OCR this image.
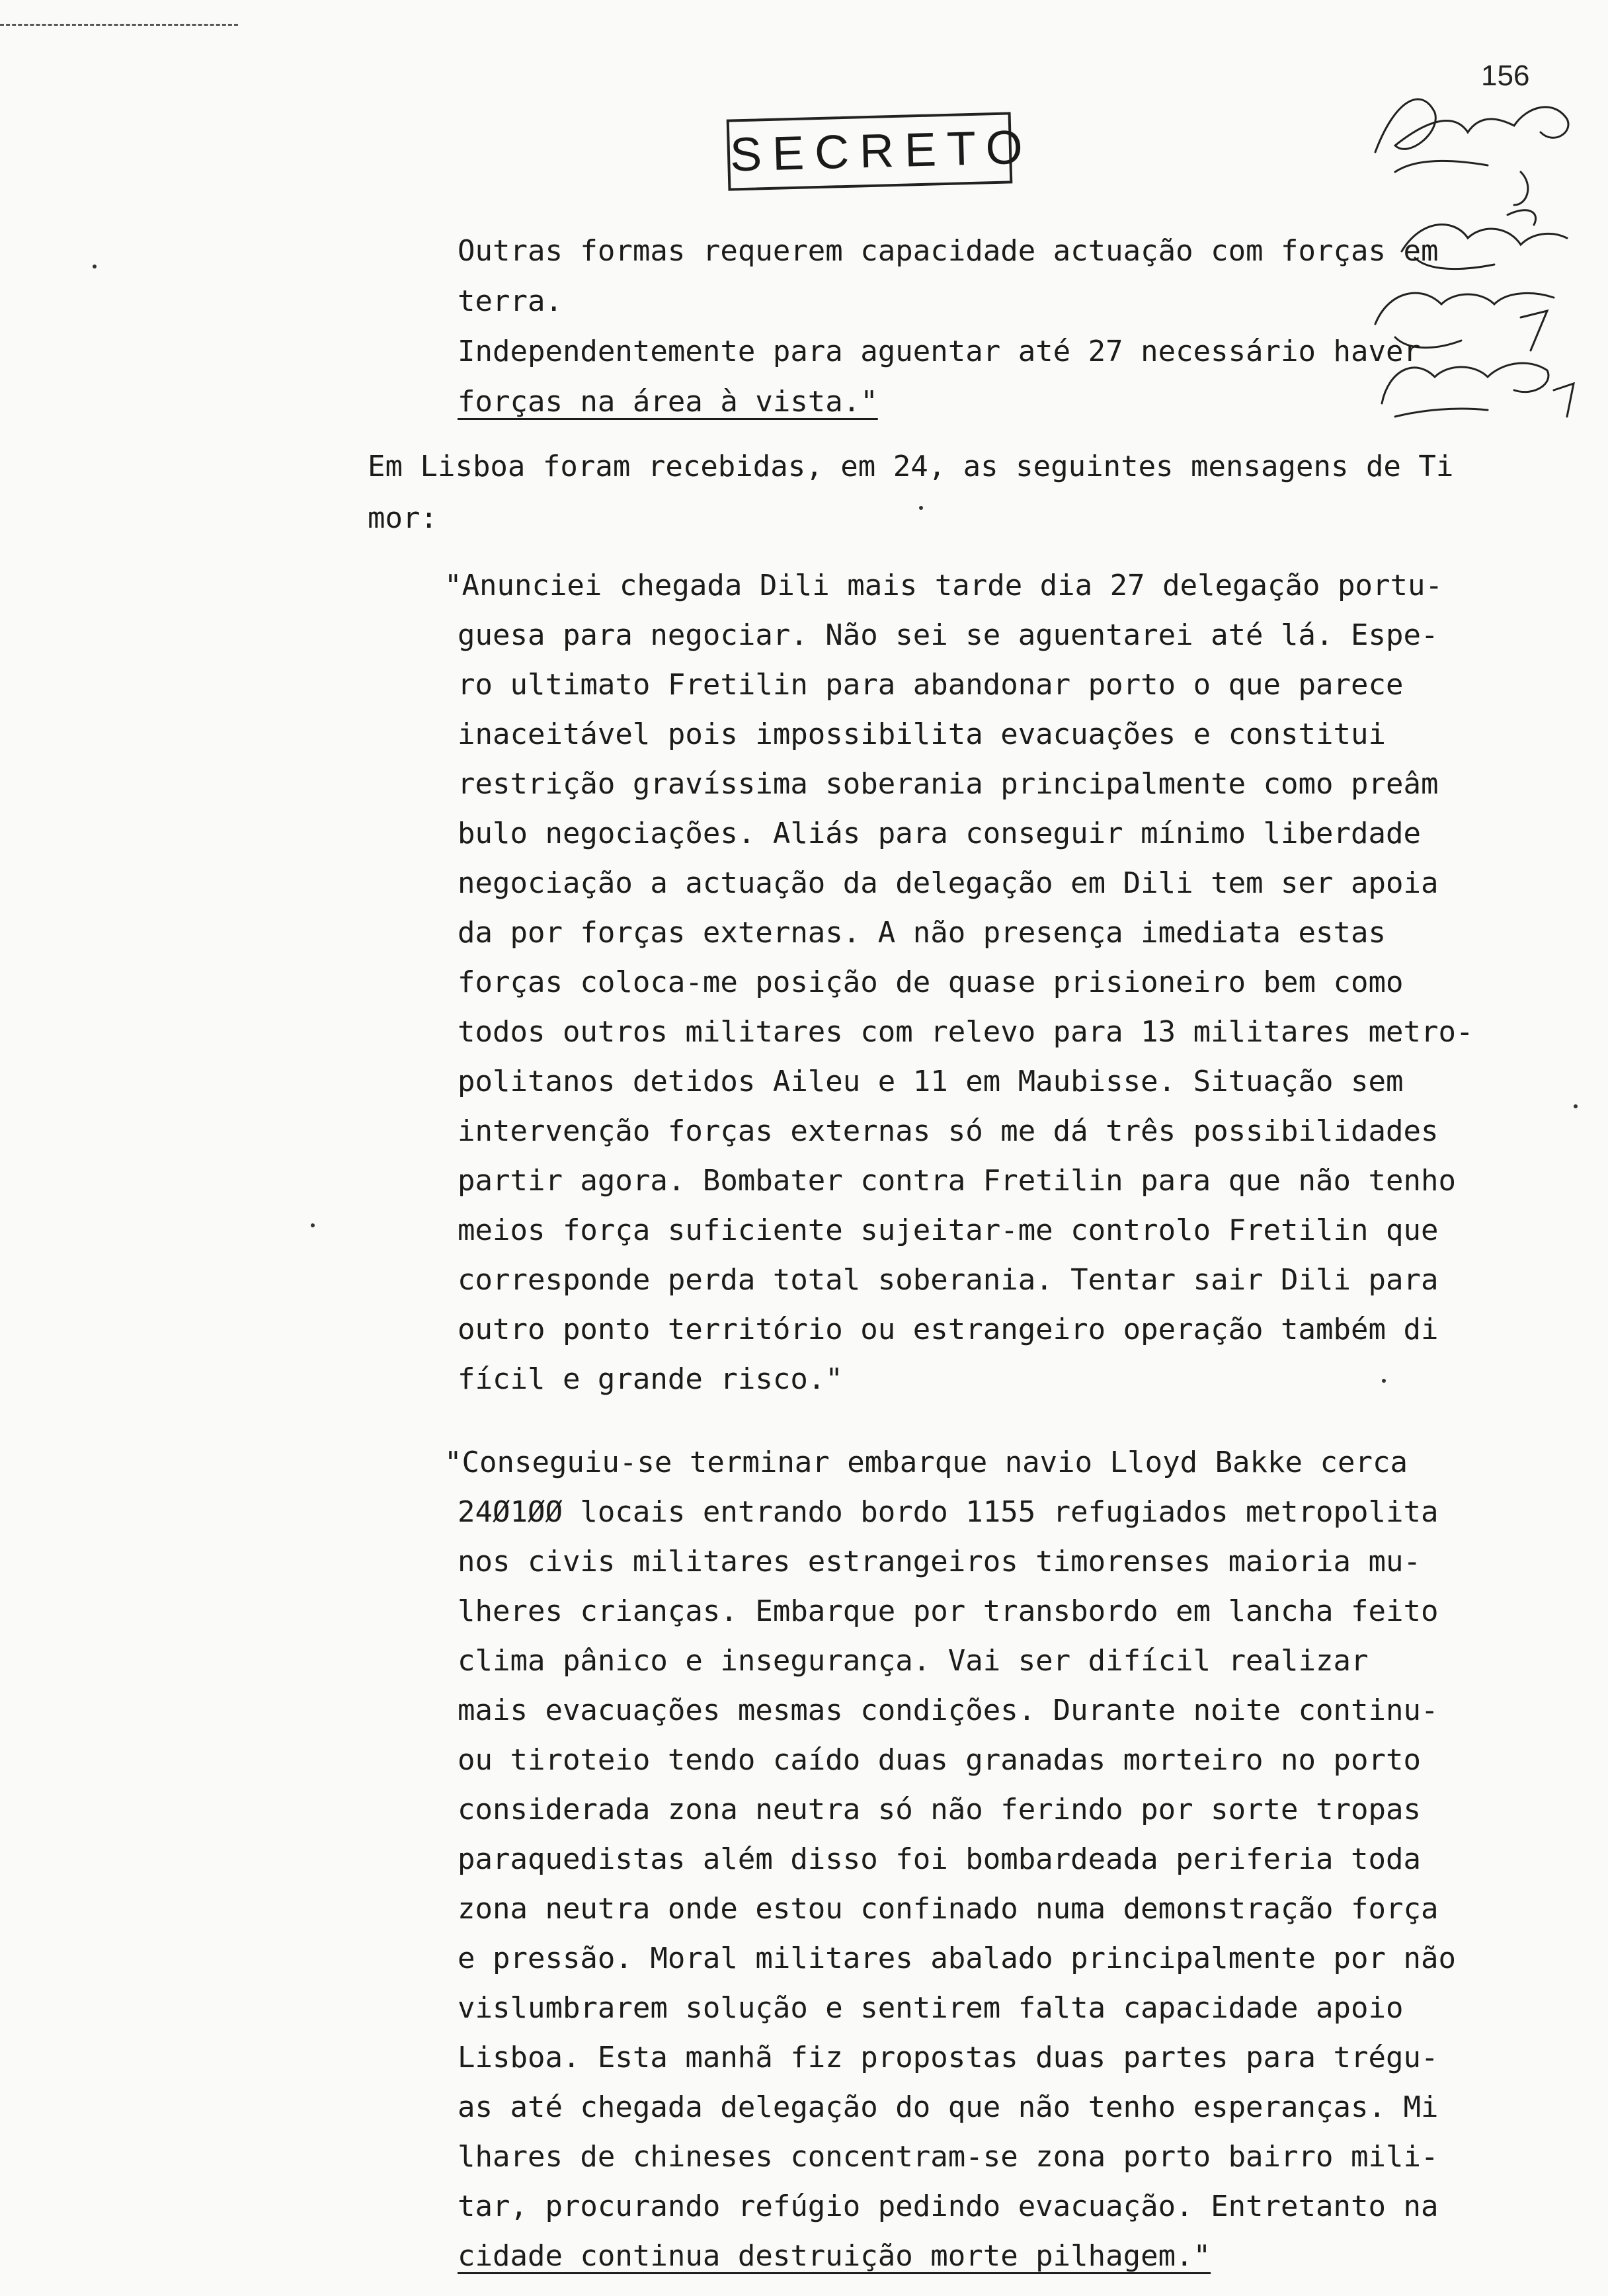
156
SECRETO
Outras formas requerem capacidade actuação com forças em
terra.
Independentemente para aguentar até 27 necessário haver
forças na área à vista."
Em Lisboa foram recebidas, em 24, as seguintes mensagens de Ti
mor:
"Anunciei chegada Dili mais tarde dia 27 delegação portu-
guesa para negociar. Não sei se aguentarei até lá. Espe-
ro ultimato Fretilin para abandonar porto o que parece
inaceitável pois impossibilita evacuações e constitui
restrição gravíssima soberania principalmente como preâm
bulo negociações. Aliás para conseguir mínimo liberdade
negociação a actuação da delegação em Dili tem ser apoia
da por forças externas. A não presença imediata estas
forças coloca-me posição de quase prisioneiro bem como
todos outros militares com relevo para 13 militares metro-
politanos detidos Aileu e 11 em Maubisse. Situação sem
intervenção forças externas só me dá três possibilidades
partir agora. Bombater contra Fretilin para que não tenho
meios força suficiente sujeitar-me controlo Fretilin que
corresponde perda total soberania. Tentar sair Dili para
outro ponto território ou estrangeiro operação também di
fícil e grande risco."
"Conseguiu-se terminar embarque navio Lloyd Bakke cerca
24Ø1ØØ locais entrando bordo 1155 refugiados metropolita
nos civis militares estrangeiros timorenses maioria mu-
lheres crianças. Embarque por transbordo em lancha feito
clima pânico e insegurança. Vai ser difícil realizar
mais evacuações mesmas condições. Durante noite continu-
ou tiroteio tendo caído duas granadas morteiro no porto
considerada zona neutra só não ferindo por sorte tropas
paraquedistas além disso foi bombardeada periferia toda
zona neutra onde estou confinado numa demonstração força
e pressão. Moral militares abalado principalmente por não
vislumbrarem solução e sentirem falta capacidade apoio
Lisboa. Esta manhã fiz propostas duas partes para trégu-
as até chegada delegação do que não tenho esperanças. Mi
lhares de chineses concentram-se zona porto bairro mili-
tar, procurando refúgio pedindo evacuação. Entretanto na
cidade continua destruição morte pilhagem."
